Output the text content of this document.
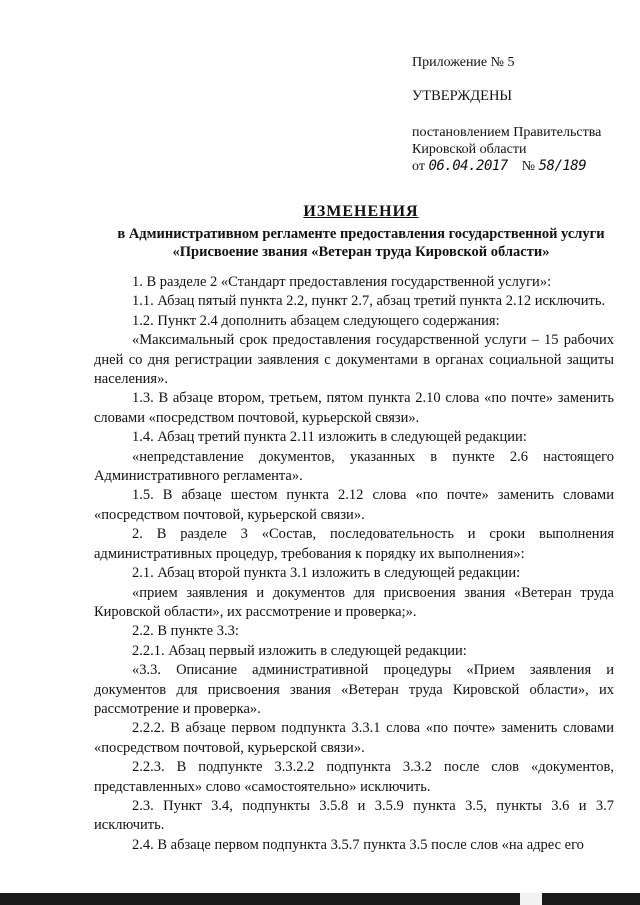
Приложение № 5

УТВЕРЖДЕНЫ

постановлением Правительства

Кировской области

от 06.04.2017 № 58/189

ИЗМЕНЕНИЯ

в Административном регламенте предоставления государственной услуги «Присвоение звания «Ветеран труда Кировской области»

1. В разделе 2 «Стандарт предоставления государственной услуги»:

1.1. Абзац пятый пункта 2.2, пункт 2.7, абзац третий пункта 2.12 исключить.

1.2. Пункт 2.4 дополнить абзацем следующего содержания:

«Максимальный срок предоставления государственной услуги – 15 рабочих дней со дня регистрации заявления с документами в органах социальной защиты населения».

1.3. В абзаце втором, третьем, пятом пункта 2.10 слова «по почте» заменить словами «посредством почтовой, курьерской связи».

1.4. Абзац третий пункта 2.11 изложить в следующей редакции:

«непредставление документов, указанных в пункте 2.6 настоящего Административного регламента».

1.5. В абзаце шестом пункта 2.12 слова «по почте» заменить словами «посредством почтовой, курьерской связи».

2. В разделе 3 «Состав, последовательность и сроки выполнения административных процедур, требования к порядку их выполнения»:

2.1. Абзац второй пункта 3.1 изложить в следующей редакции:

«прием заявления и документов для присвоения звания «Ветеран труда Кировской области», их рассмотрение и проверка;».

2.2. В пункте 3.3:

2.2.1. Абзац первый изложить в следующей редакции:

«3.3. Описание административной процедуры «Прием заявления и документов для присвоения звания «Ветеран труда Кировской области», их рассмотрение и проверка».

2.2.2. В абзаце первом подпункта 3.3.1 слова «по почте» заменить словами «посредством почтовой, курьерской связи».

2.2.3. В подпункте 3.3.2.2 подпункта 3.3.2 после слов «документов, представленных» слово «самостоятельно» исключить.

2.3. Пункт 3.4, подпункты 3.5.8 и 3.5.9 пункта 3.5, пункты 3.6 и 3.7 исключить.

2.4. В абзаце первом подпункта 3.5.7 пункта 3.5 после слов «на адрес его
